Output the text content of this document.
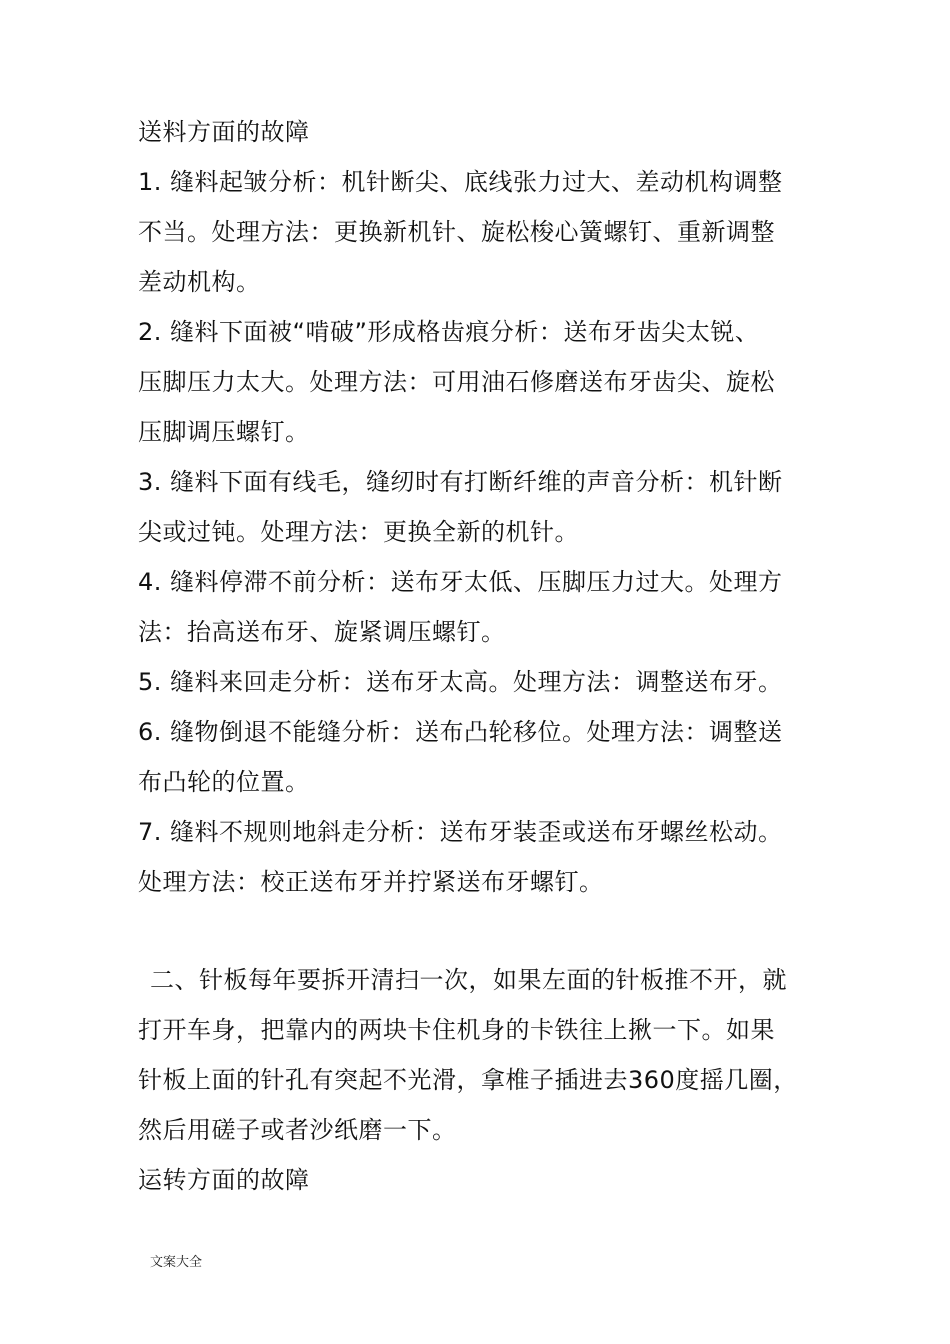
送料方面的故障
1. 缝料起皱分析：机针断尖、底线张力过大、差动机构调整
不当。处理方法：更换新机针、旋松梭心簧螺钉、重新调整
差动机构。
2. 缝料下面被“啃破”形成格齿痕分析：送布牙齿尖太锐、
压脚压力太大。处理方法：可用油石修磨送布牙齿尖、旋松
压脚调压螺钉。
3. 缝料下面有线毛，缝纫时有打断纤维的声音分析：机针断
尖或过钝。处理方法：更换全新的机针。
4. 缝料停滞不前分析：送布牙太低、压脚压力过大。处理方
法：抬高送布牙、旋紧调压螺钉。
5. 缝料来回走分析：送布牙太高。处理方法：调整送布牙。
6. 缝物倒退不能缝分析：送布凸轮移位。处理方法：调整送
布凸轮的位置。
7. 缝料不规则地斜走分析：送布牙装歪或送布牙螺丝松动。
处理方法：校正送布牙并拧紧送布牙螺钉。
二、针板每年要拆开清扫一次，如果左面的针板推不开，就
打开车身，把靠内的两块卡住机身的卡铁往上揪一下。如果
针板上面的针孔有突起不光滑，拿椎子插进去360度摇几圈，
然后用磋子或者沙纸磨一下。
运转方面的故障
文案大全
